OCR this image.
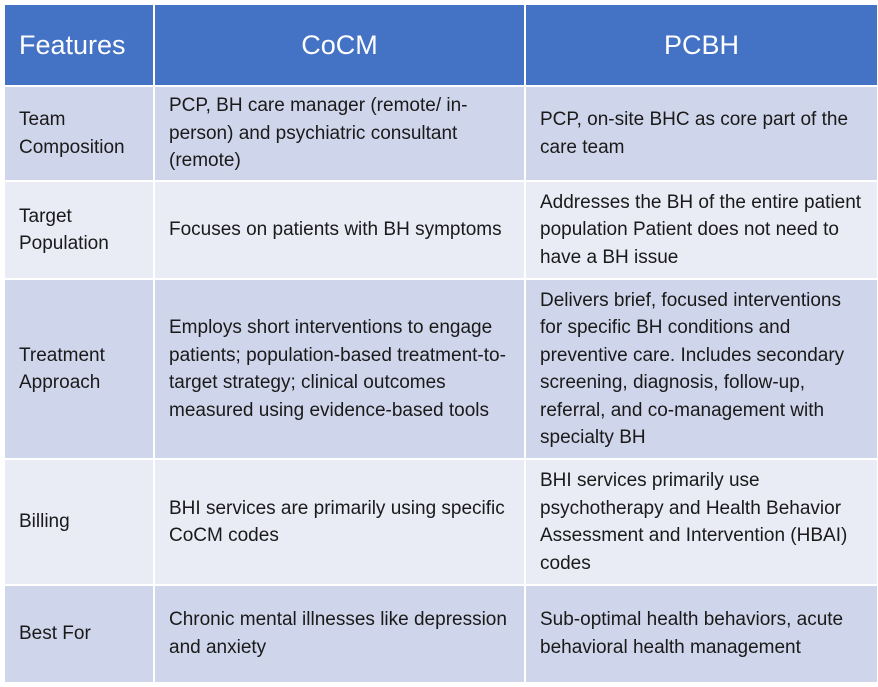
Features	CoCM	PCBH
Team Composition	PCP, BH care manager (remote/ in-person) and psychiatric consultant (remote)	PCP, on-site BHC as core part of the care team
Target Population	Focuses on patients with BH symptoms	Addresses the BH of the entire patient population Patient does not need to have a BH issue
Treatment Approach	Employs short interventions to engage patients; population-based treatment-to-target strategy; clinical outcomes measured using evidence-based tools	Delivers brief, focused interventions for specific BH conditions and preventive care. Includes secondary screening, diagnosis, follow-up, referral, and co-management with specialty BH
Billing	BHI services are primarily using specific CoCM codes	BHI services primarily use psychotherapy and Health Behavior Assessment and Intervention (HBAI) codes
Best For	Chronic mental illnesses like depression and anxiety	Sub-optimal health behaviors, acute behavioral health management
